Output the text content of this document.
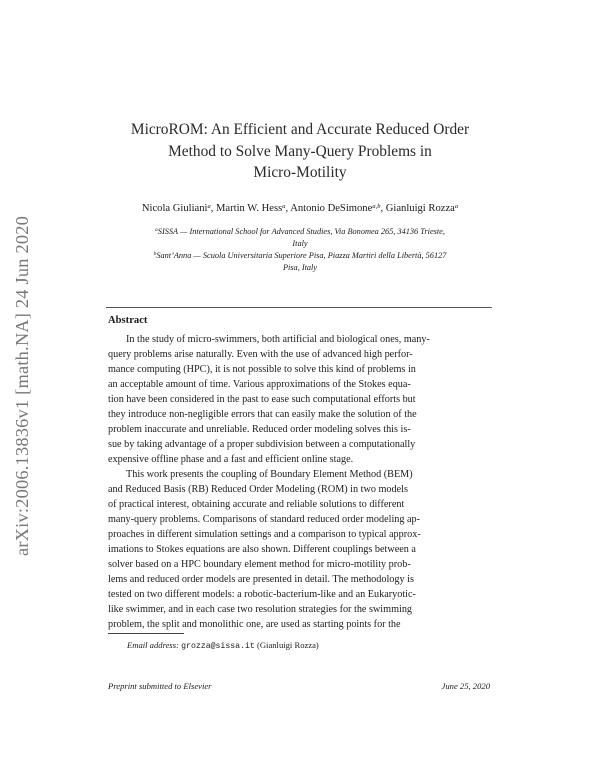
arXiv:2006.13836v1 [math.NA] 24 Jun 2020
MicroROM: An Efficient and Accurate Reduced Order
Method to Solve Many-Query Problems in
Micro-Motility
Nicola Giuliani$^a$, Martin W. Hess$^a$, Antonio DeSimone$^{a,b}$, Gianluigi Rozza$^a$
$^a$SISSA — International School for Advanced Studies, Via Bonomea 265, 34136 Trieste,
Italy
$^b$Sant’Anna — Scuola Universitaria Superiore Pisa, Piazza Martiri della Libertà, 56127
Pisa, Italy
Abstract
In the study of micro-swimmers, both artificial and biological ones, many-
query problems arise naturally. Even with the use of advanced high perfor-
mance computing (HPC), it is not possible to solve this kind of problems in
an acceptable amount of time. Various approximations of the Stokes equa-
tion have been considered in the past to ease such computational efforts but
they introduce non-negligible errors that can easily make the solution of the
problem inaccurate and unreliable. Reduced order modeling solves this is-
sue by taking advantage of a proper subdivision between a computationally
expensive offline phase and a fast and efficient online stage.
This work presents the coupling of Boundary Element Method (BEM)
and Reduced Basis (RB) Reduced Order Modeling (ROM) in two models
of practical interest, obtaining accurate and reliable solutions to different
many-query problems. Comparisons of standard reduced order modeling ap-
proaches in different simulation settings and a comparison to typical approx-
imations to Stokes equations are also shown. Different couplings between a
solver based on a HPC boundary element method for micro-motility prob-
lems and reduced order models are presented in detail. The methodology is
tested on two different models: a robotic-bacterium-like and an Eukaryotic-
like swimmer, and in each case two resolution strategies for the swimming
problem, the split and monolithic one, are used as starting points for the
Email address: grozza@sissa.it (Gianluigi Rozza)
Preprint submitted to Elsevier	June 25, 2020
